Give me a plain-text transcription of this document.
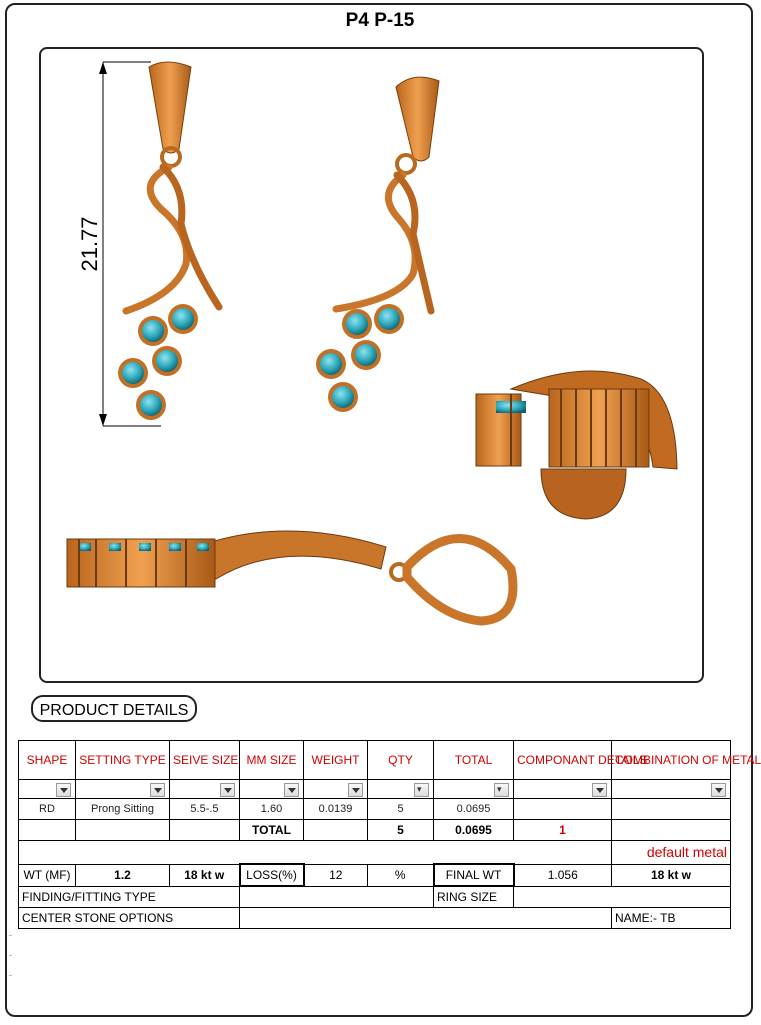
P4 P-15
21.77
PRODUCT DETAILS
SHAPE	SETTING TYPE	SEIVE SIZE	MM SIZE	WEIGHT	QTY	TOTAL	COMPONANT DETAILS	COMBINATION OF METAL

▾

▾

RD	Prong Sitting	5.5-.5	1.60	0.0139	5	0.0695		
			TOTAL		5	0.0695	1	
								default metal
WT (MF)	1.2	18 kt w	LOSS(%)	12	%	FINAL WT	1.056	18 kt w
FINDING/FITTING TYPE						RING SIZE		
CENTER STONE OPTIONS								NAME:- TB
